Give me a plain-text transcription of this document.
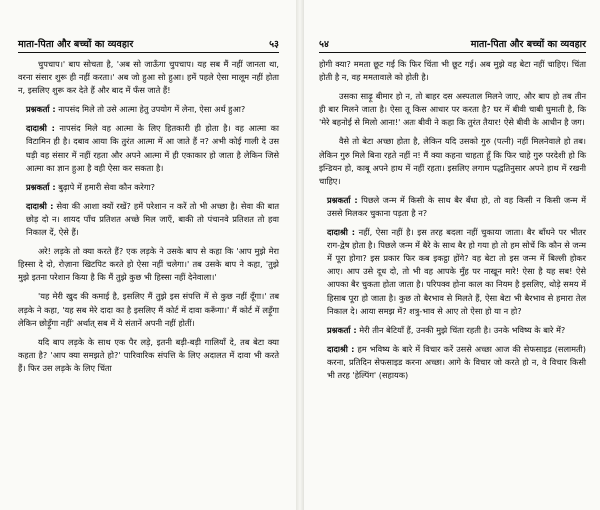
माता-पिता और बच्चों का व्यवहार	५३

चुपचाप।' बाप सोचता है, 'अब सो जाऊँगा चुपचाप। यह सब मैं नहीं जानता था, वरना संसार शुरू ही नहीं करता।' अब जो हुआ सो हुआ। हमें पहले ऐसा मालूम नहीं होता न, इसलिए शुरू कर देते हैं और बाद में फँस जाते हैं!

प्रश्नकर्ता : नापसंद मिले तो उसे आत्मा हेतु उपयोग में लेना, ऐसा अर्थ हुआ?

दादाश्री : नापसंद मिले वह आत्मा के लिए हितकारी ही होता है। वह आत्मा का विटामिन ही है। दबाव आया कि तुरंत आत्मा में आ जाते हैं न? अभी कोई गाली दे उस घड़ी वह संसार में नहीं रहता और अपने आत्मा में ही एकाकार हो जाता है लेकिन जिसे आत्मा का ज्ञान हुआ है वही ऐसा कर सकता है।

प्रश्नकर्ता : बुढ़ापे में हमारी सेवा कौन करेगा?

दादाश्री : सेवा की आशा क्यों रखें? हमें परेशान न करें तो भी अच्छा है। सेवा की बात छोड़ दो न। शायद पाँच प्रतिशत अच्छे मिल जाएँ, बाकी तो पंचानवे प्रतिशत तो हवा निकाल दें, ऐसे हैं।

अरे! लड़के तो क्या करते हैं? एक लड़के ने उसके बाप से कहा कि 'आप मुझे मेरा हिस्सा दे दो, रोज़ाना खिटपिट करते हो ऐसा नहीं चलेगा।' तब उसके बाप ने कहा, 'तुझे मुझे इतना परेशान किया है कि मैं तुझे कुछ भी हिस्सा नहीं देनेवाला।'

'यह मेरी खुद की कमाई है, इसलिए मैं तुझे इस संपत्ति में से कुछ नहीं दूँगा।' तब लड़के ने कहा, 'यह सब मेरे दादा का है इसलिए मैं कोर्ट में दावा करूँगा।' मैं कोर्ट में लड़ूँगा लेकिन छोड़ूँगा नहीं' अर्थात् सब में ये संतानें अपनी नहीं होतीं।

यदि बाप लड़के के साथ एक पैर लड़े, इतनी बड़ी-बड़ी गालियाँ दे, तब बेटा क्या कहता है? 'आप क्या समझते हो?' पारिवारिक संपत्ति के लिए अदालत में दावा भी करते हैं। फिर उस लड़के के लिए चिंता

५४	माता-पिता और बच्चों का व्यवहार

होगी क्या? ममता छूट गई कि फिर चिंता भी छूट गई। अब मुझे वह बेटा नहीं चाहिए। चिंता होती है न, वह ममतावाले को होती है।

उसका साढ़ू बीमार हो न, तो बाहर दस अस्पताल मिलने जाए, और बाप हो तब तीन ही बार मिलने जाता है। ऐसा तू किस आधार पर करता है? घर में बीवी चाबी घुमाती है, कि 'मेरे बहनोई से मिलो आना!' अतः बीवी ने कहा कि तुरंत तैयार! ऐसे बीवी के आधीन है जग।

वैसे तो बेटा अच्छा होता है, लेकिन यदि उसको गुरु (पत्नी) नहीं मिलनेवाले हो तब। लेकिन गुरु मिले बिना रहते नहीं न! मैं क्या कहना चाहता हूँ कि फिर चाहे गुरु परदेशी हो कि इन्डियन हो, काबू अपने हाथ में नहीं रहता। इसलिए लगाम पद्धतिनुसार अपने हाथ में रखनी चाहिए।

प्रश्नकर्ता : पिछले जन्म में किसी के साथ बैर बँधा हो, तो वह किसी न किसी जन्म में उससे मिलकर चुकाना पड़ता है न?

दादाश्री : नहीं, ऐसा नहीं है। इस तरह बदला नहीं चुकाया जाता। बैर बाँधने पर भीतर राग-द्वेष होता है। पिछले जन्म में बैरे के साथ बैर हो गया हो तो हम सोचें कि कौन से जन्म में पूरा होगा? इस प्रकार फिर कब इकट्ठा होंगे? वह बेटा तो इस जन्म में बिल्ली होकर आए। आप उसे दूध दो, तो भी वह आपके मुँह पर नाखून मारे! ऐसा है यह सब! ऐसे आपका बैर चुकता होता जाता है। परिपक्व होना काल का नियम है इसलिए, थोड़े समय में हिसाब पूरा हो जाता है। कुछ तो बैरभाव से मिलते हैं, ऐसा बेटा भी बैरभाव से हमारा तेल निकाल दे। आया समझ में? शत्रु-भाव से आए तो ऐसा हो या न हो?

प्रश्नकर्ता : मेरी तीन बेटियाँ हैं, उनकी मुझे चिंता रहती है। उनके भविष्य के बारे में?

दादाश्री : हम भविष्य के बारे में विचार करें उससे अच्छा आज की सेफसाइड (सलामती) करना, प्रतिदिन सेफसाइड करना अच्छा। आगे के विचार जो करते हो न, वे विचार किसी भी तरह 'हेल्पिंग' (सहायक)
